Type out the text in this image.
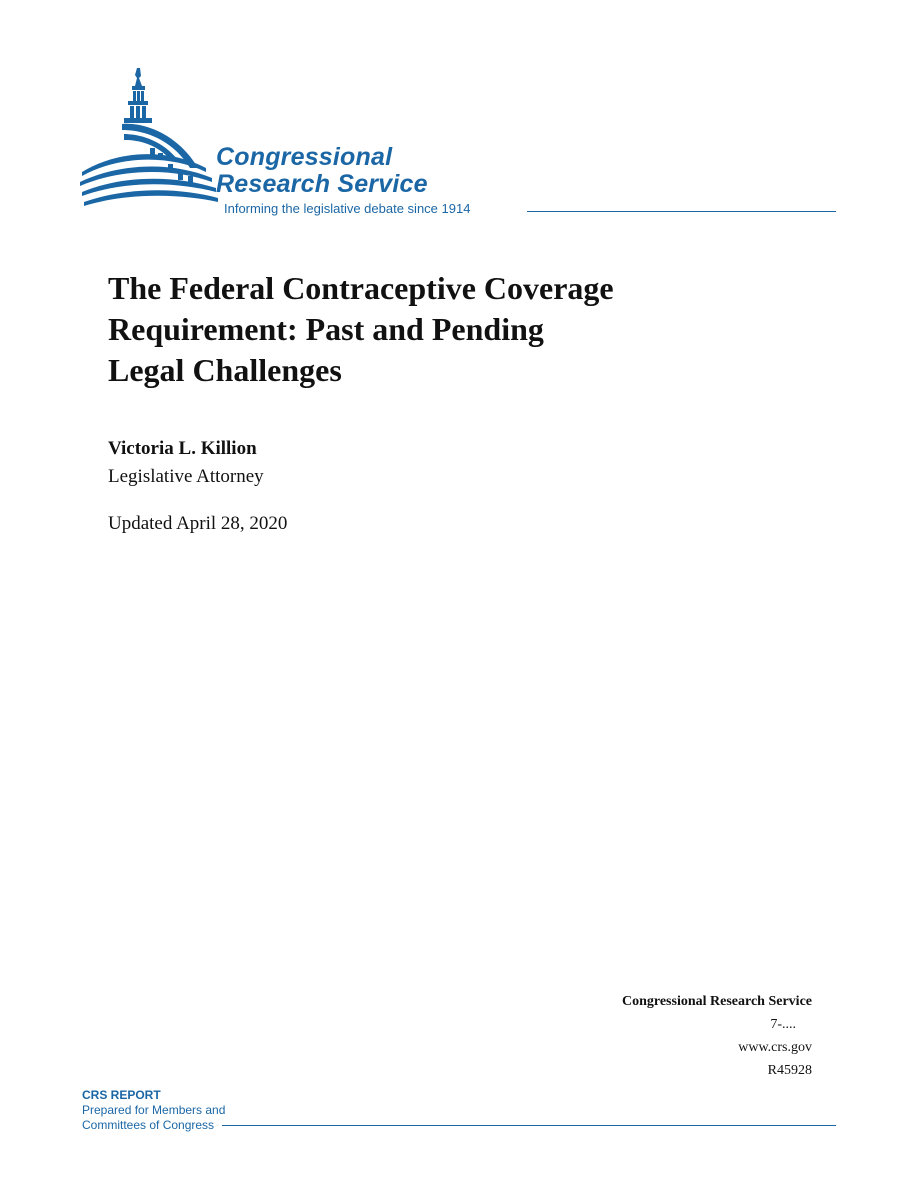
Congressional
Research Service
Informing the legislative debate since 1914
The Federal Contraceptive Coverage
Requirement: Past and Pending
Legal Challenges
Victoria L. Killion
Legislative Attorney
Updated April 28, 2020
Congressional Research Service
7-....
www.crs.gov
R45928
CRS REPORT
Prepared for Members and
Committees of Congress
